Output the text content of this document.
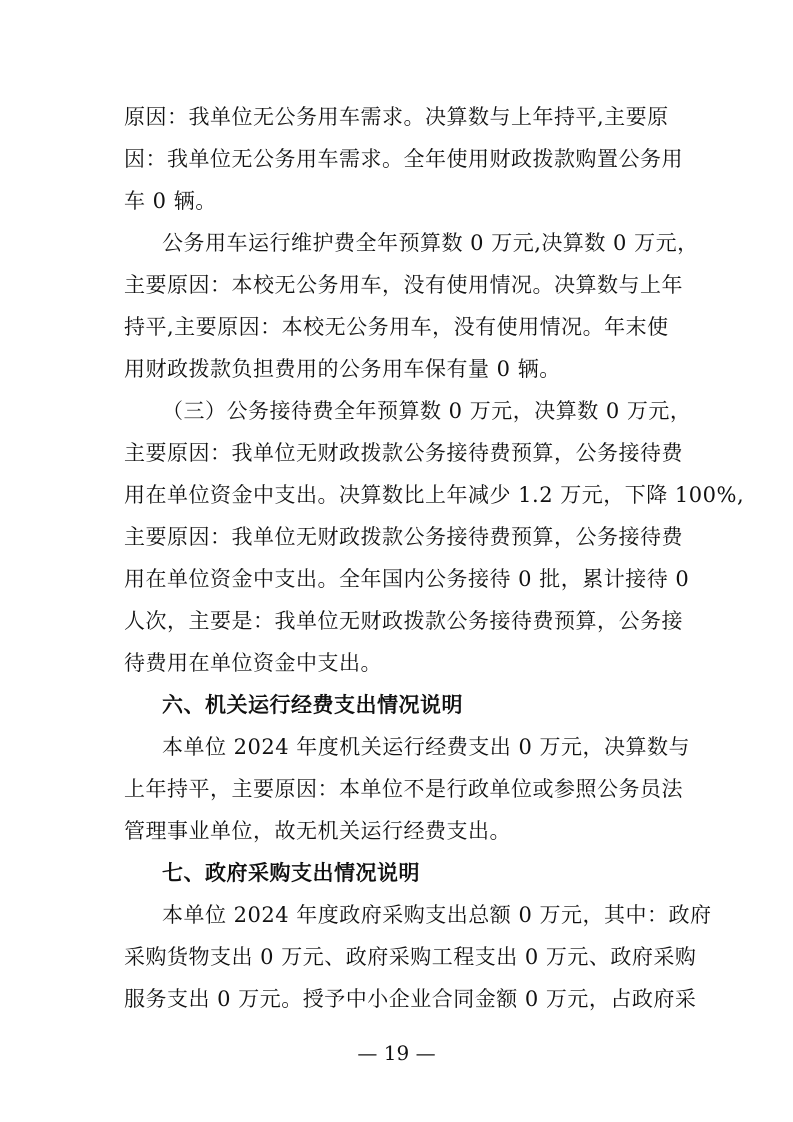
原因：我单位无公务用车需求。决算数与上年持平,主要原
因：我单位无公务用车需求。全年使用财政拨款购置公务用
车 0 辆。
公务用车运行维护费全年预算数 0 万元,决算数 0 万元，
主要原因：本校无公务用车，没有使用情况。决算数与上年
持平,主要原因：本校无公务用车，没有使用情况。年末使
用财政拨款负担费用的公务用车保有量 0 辆。
（三）公务接待费全年预算数 0 万元，决算数 0 万元，
主要原因：我单位无财政拨款公务接待费预算，公务接待费
用在单位资金中支出。决算数比上年减少 1.2 万元，下降 100%,
主要原因：我单位无财政拨款公务接待费预算，公务接待费
用在单位资金中支出。全年国内公务接待 0 批，累计接待 0
人次，主要是：我单位无财政拨款公务接待费预算，公务接
待费用在单位资金中支出。
六、机关运行经费支出情况说明
本单位 2024 年度机关运行经费支出 0 万元，决算数与
上年持平，主要原因：本单位不是行政单位或参照公务员法
管理事业单位，故无机关运行经费支出。
七、政府采购支出情况说明
本单位 2024 年度政府采购支出总额 0 万元，其中：政府
采购货物支出 0 万元、政府采购工程支出 0 万元、政府采购
服务支出 0 万元。授予中小企业合同金额 0 万元，占政府采
— 19 —
